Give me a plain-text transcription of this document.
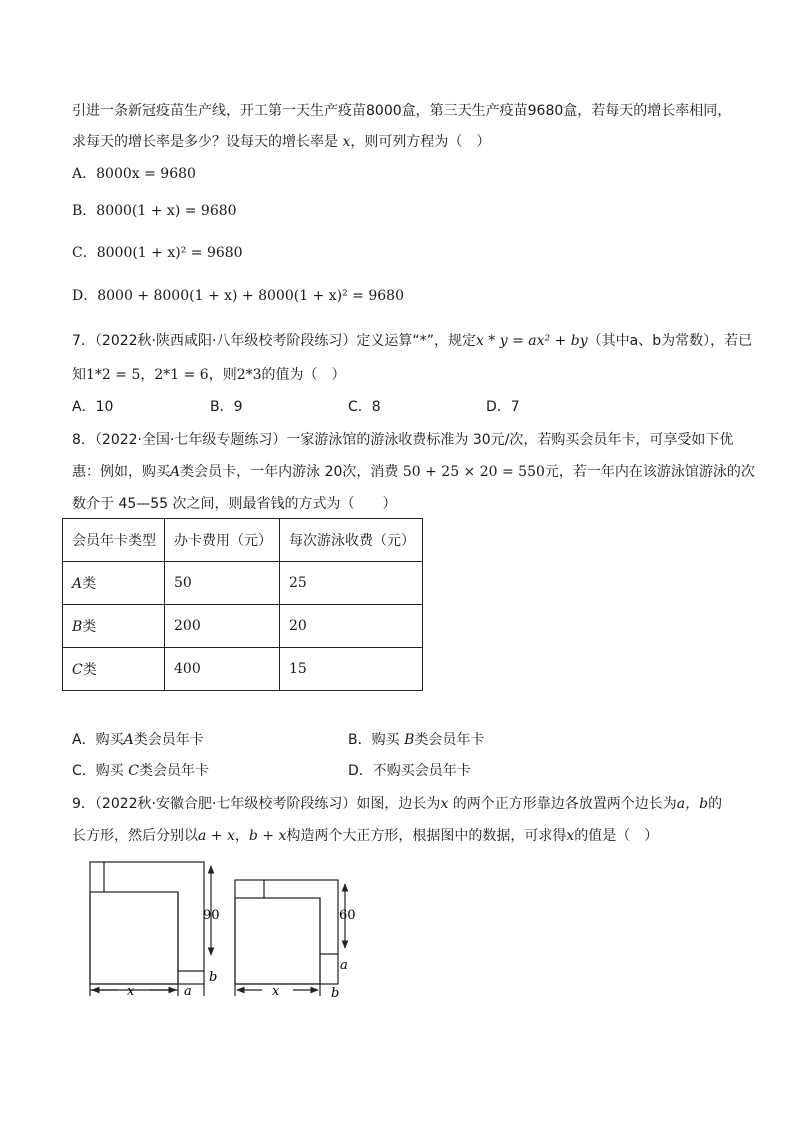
引进一条新冠疫苗生产线，开工第一天生产疫苗8000盒，第三天生产疫苗9680盒，若每天的增长率相同，
求每天的增长率是多少？设每天的增长率是 x，则可列方程为（　）
A．8000x = 9680
B．8000(1 + x) = 9680
C．8000(1 + x)² = 9680
D．8000 + 8000(1 + x) + 8000(1 + x)² = 9680
7．（2022秋·陕西咸阳·八年级校考阶段练习）定义运算“*”，规定x * y = ax² + by（其中a、b为常数），若已
知1*2 = 5，2*1 = 6，则2*3的值为（　）
A．10	B．9	C．8	D．7
8．（2022·全国·七年级专题练习）一家游泳馆的游泳收费标准为 30元/次，若购买会员年卡，可享受如下优
惠：例如，购买A类会员卡，一年内游泳 20次，消费 50 + 25 × 20 = 550元，若一年内在该游泳馆游泳的次
数介于 45—55 次之间，则最省钱的方式为（　　）
会员年卡类型	办卡费用（元）	每次游泳收费（元）
A类	50	25
B类	200	20
C类	400	15
A．购买A类会员年卡	B．购买 B类会员年卡
C．购买 C类会员年卡	D．不购买会员年卡
9．（2022秋·安徽合肥·七年级校考阶段练习）如图，边长为x 的两个正方形靠边各放置两个边长为a，b的
长方形，然后分别以a + x，b + x构造两个大正方形，根据图中的数据，可求得x的值是（　）
90
b
x	a
60
a
x	b
